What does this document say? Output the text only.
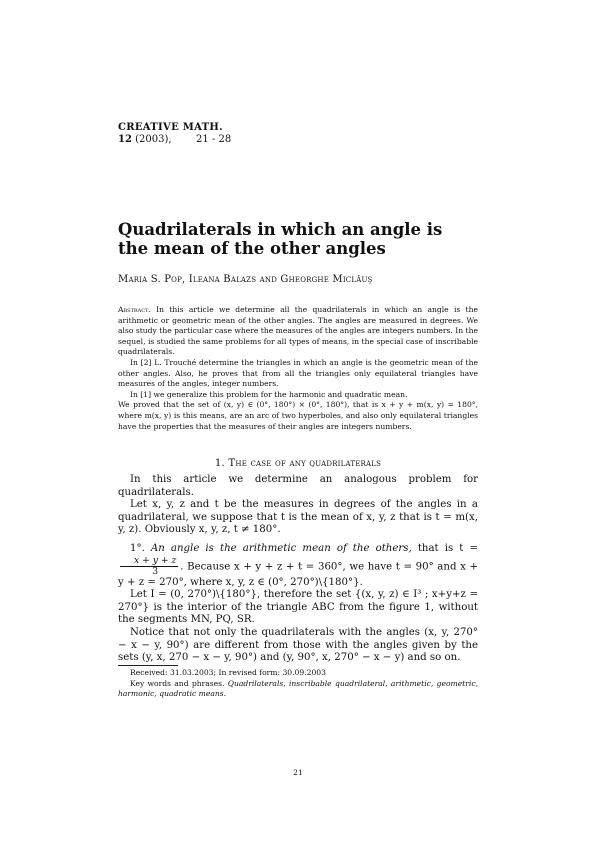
CREATIVE MATH.
12 (2003), 21 - 28
Quadrilaterals in which an angle is the mean of the other angles
Maria S. Pop, Ileana Balazs and Gheorghe Miclăuş

Abstract. In this article we determine all the quadrilaterals in which an angle is the arithmetic or geometric mean of the other angles. The angles are measured in degrees. We also study the particular case where the measures of the angles are integers numbers. In the sequel, is studied the same problems for all types of means, in the special case of inscribable quadrilaterals.

In [2] L. Trouché determine the triangles in which an angle is the geometric mean of the other angles. Also, he proves that from all the triangles only equilateral triangles have measures of the angles, integer numbers.

In [1] we generalize this problem for the harmonic and quadratic mean.

We proved that the set of (x, y) ∈ (0°, 180°) × (0°, 180°), that is x + y + m(x, y) = 180°, where m(x, y) is this means, are an arc of two hyperboles, and also only equilateral triangles have the properties that the measures of their angles are integers numbers.

1. The case of any quadrilaterals

In this article we determine an analogous problem for quadrilaterals.

Let x, y, z and t be the measures in degrees of the angles in a quadrilateral, we suppose that t is the mean of x, y, z that is t = m(x, y, z). Obviously x, y, z, t ≠ 180°.

1°. An angle is the arithmetic mean of the others, that is t =
$\frac{x + y + z}{3}$ . Because x + y + z + t = 360°, we have t = 90° and x + y + z = 270°, where x, y, z ∈ (0°, 270°)\{180°}.

Let I = (0, 270°)\{180°}, therefore the set {(x, y, z) ∈ I³ ; x+y+z = 270°} is the interior of the triangle ABC from the figure 1, without the segments MN, PQ, SR.

Notice that not only the quadrilaterals with the angles (x, y, 270° − x − y, 90°) are different from those with the angles given by the sets (y, x, 270 − x − y, 90°) and (y, 90°, x, 270° − x − y) and so on.

Received: 31.03.2003; In revised form: 30.09.2003

Key words and phrases. Quadrilaterals, inscribable quadrilateral, arithmetic, geometric, harmonic, quadratic means.

21
